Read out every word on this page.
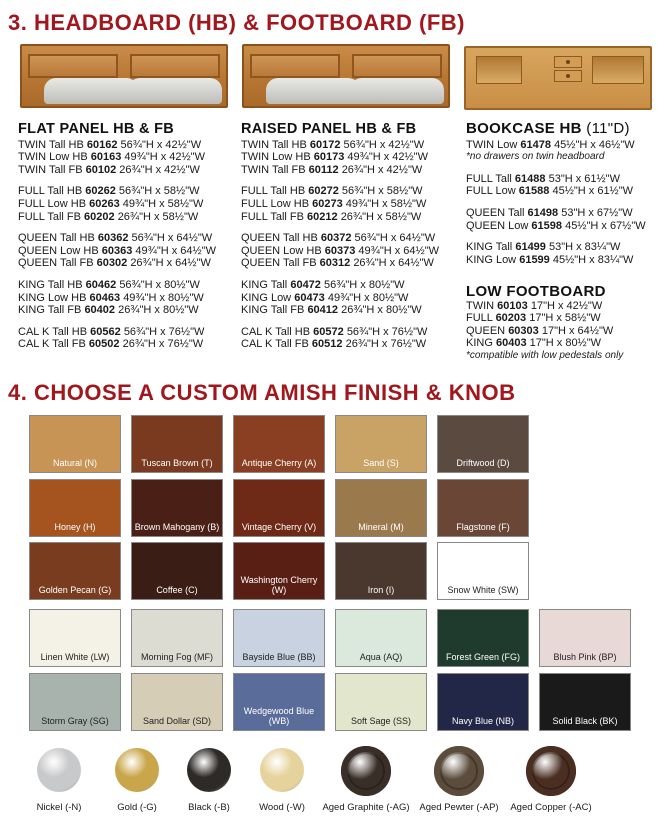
3. HEADBOARD (HB) & FOOTBOARD (FB)
FLAT PANEL HB & FB
TWIN Tall HB 60162 56¾"H x 42½"W
TWIN Low HB 60163 49¾"H x 42½"W
TWIN Tall FB 60102 26¾"H x 42½"W
FULL Tall HB 60262 56¾"H x 58½"W
FULL Low HB 60263 49¾"H x 58½"W
FULL Tall FB 60202 26¾"H x 58½"W
QUEEN Tall HB 60362 56¾"H x 64½"W
QUEEN Low HB 60363 49¾"H x 64½"W
QUEEN Tall FB 60302 26¾"H x 64½"W
KING Tall HB 60462 56¾"H x 80½"W
KING Low HB 60463 49¾"H x 80½"W
KING Tall FB 60402 26¾"H x 80½"W
CAL K Tall HB 60562 56¾"H x 76½"W
CAL K Tall FB 60502 26¾"H x 76½"W
RAISED PANEL HB & FB
TWIN Tall HB 60172 56¾"H x 42½"W
TWIN Low HB 60173 49¾"H x 42½"W
TWIN Tall FB 60112 26¾"H x 42½"W
FULL Tall HB 60272 56¾"H x 58½"W
FULL Low HB 60273 49¾"H x 58½"W
FULL Tall FB 60212 26¾"H x 58½"W
QUEEN Tall HB 60372 56¾"H x 64½"W
QUEEN Low HB 60373 49¾"H x 64½"W
QUEEN Tall FB 60312 26¾"H x 64½"W
KING Tall 60472 56¾"H x 80½"W
KING Low 60473 49¾"H x 80½"W
KING Tall FB 60412 26¾"H x 80½"W
CAL K Tall HB 60572 56¾"H x 76½"W
CAL K Tall FB 60512 26¾"H x 76½"W
BOOKCASE HB (11"D)
TWIN Low 61478 45½"H x 46½"W
*no drawers on twin headboard
FULL Tall 61488 53"H x 61½"W
FULL Low 61588 45½"H x 61½"W
QUEEN Tall 61498 53"H x 67½"W
QUEEN Low 61598 45½"H x 67½"W
KING Tall 61499 53"H x 83¼"W
KING Low 61599 45½"H x 83¼"W
LOW FOOTBOARD
TWIN 60103 17"H x 42½"W
FULL 60203 17"H x 58½"W
QUEEN 60303 17"H x 64½"W
KING 60403 17"H x 80½"W
*compatible with low pedestals only
4. CHOOSE A CUSTOM AMISH FINISH & KNOB
Natural (N)	Tuscan Brown (T)	Antique Cherry (A)	Sand (S)	Driftwood (D)
Honey (H)	Brown Mahogany (B)	Vintage Cherry (V)	Mineral (M)	Flagstone (F)
Golden Pecan (G)	Coffee (C)
Washington Cherry (W)	Iron (I)	Snow White (SW)
Linen White (LW)	Morning Fog (MF)	Bayside Blue (BB)	Aqua (AQ)	Forest Green (FG)	Blush Pink (BP)
Storm Gray (SG)	Sand Dollar (SD)
Wedgewood Blue (WB)	Soft Sage (SS)	Navy Blue (NB)	Solid Black (BK)
Nickel (-N)	Gold (-G)	Black (-B)	Wood (-W)	Aged Graphite (-AG)	Aged Pewter (-AP)	Aged Copper (-AC)
